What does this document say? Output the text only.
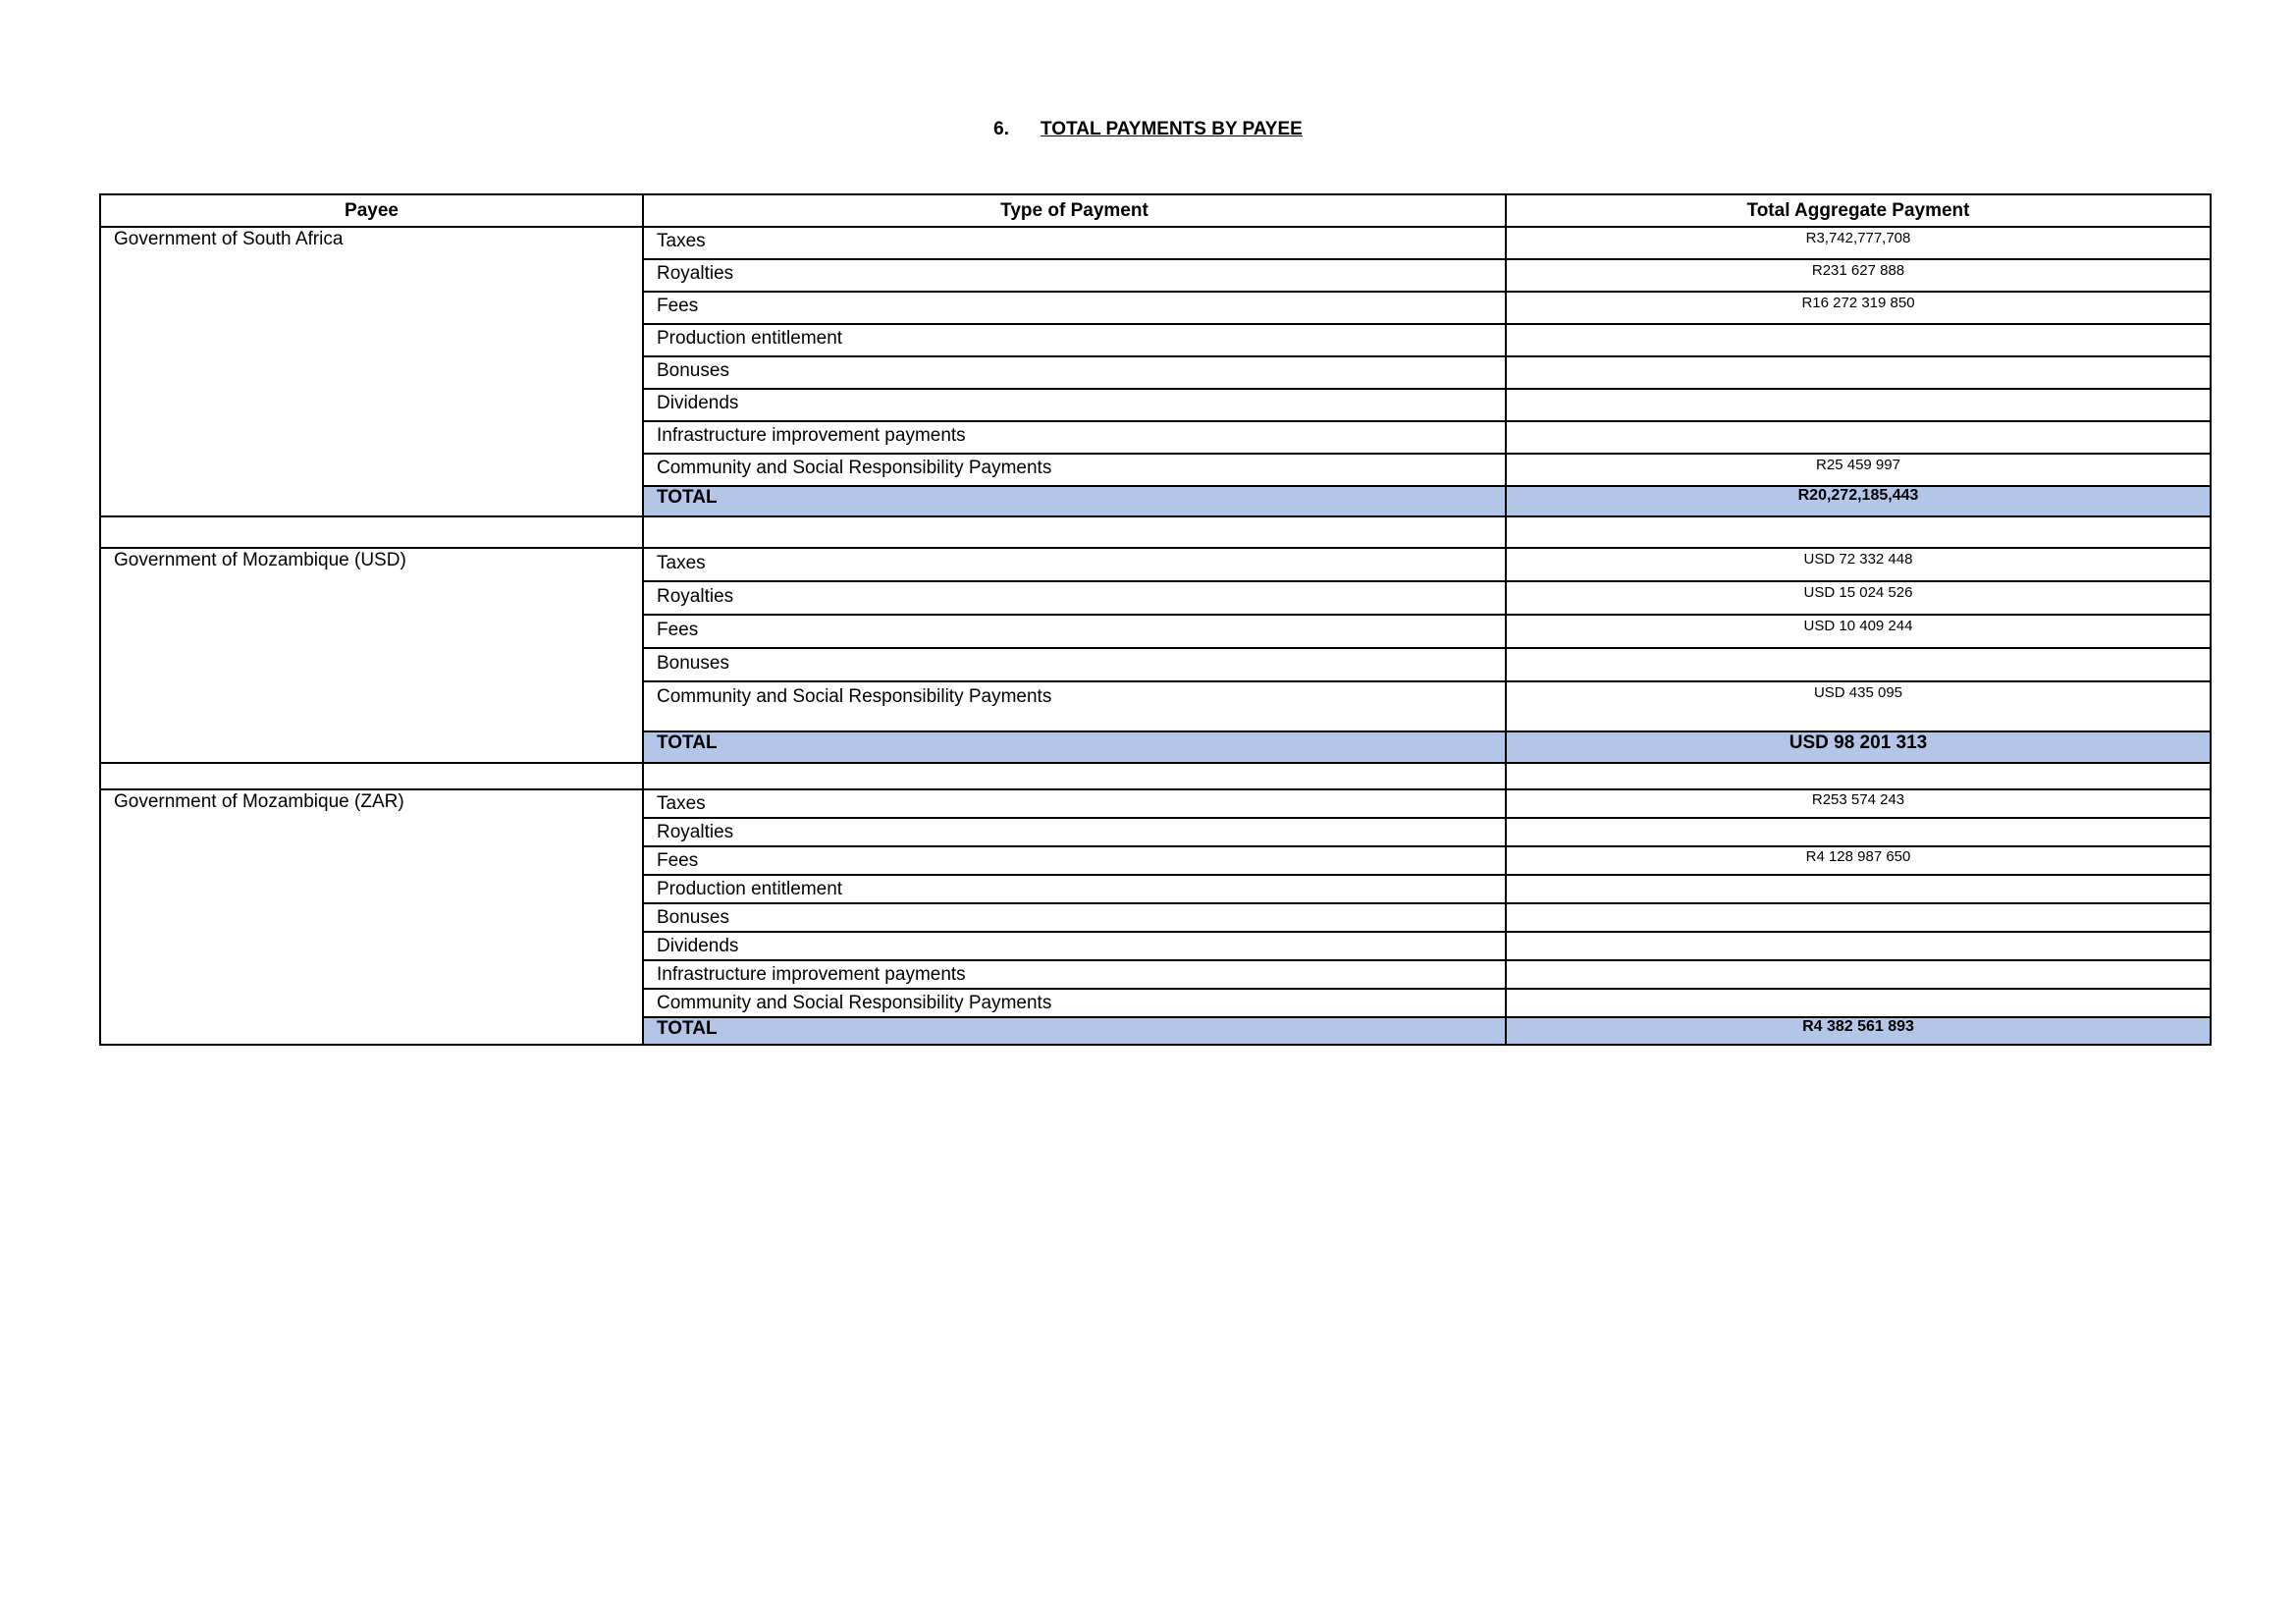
6. TOTAL PAYMENTS BY PAYEE
Payee	Type of Payment	Total Aggregate Payment
Government of South Africa	Taxes	R3,742,777,708
	Royalties	R231 627 888
	Fees	R16 272 319 850
	Production entitlement	
	Bonuses	
	Dividends	
	Infrastructure improvement payments	
	Community and Social Responsibility Payments	R25 459 997
	TOTAL	R20,272,185,443

Government of Mozambique (USD)	Taxes	USD 72 332 448
	Royalties	USD 15 024 526
	Fees	USD 10 409 244
	Bonuses	
	Community and Social Responsibility Payments	USD 435 095
	TOTAL	USD 98 201 313

Government of Mozambique (ZAR)	Taxes	R253 574 243
	Royalties	
	Fees	R4 128 987 650
	Production entitlement	
	Bonuses	
	Dividends	
	Infrastructure improvement payments	
	Community and Social Responsibility Payments	
	TOTAL	R4 382 561 893
